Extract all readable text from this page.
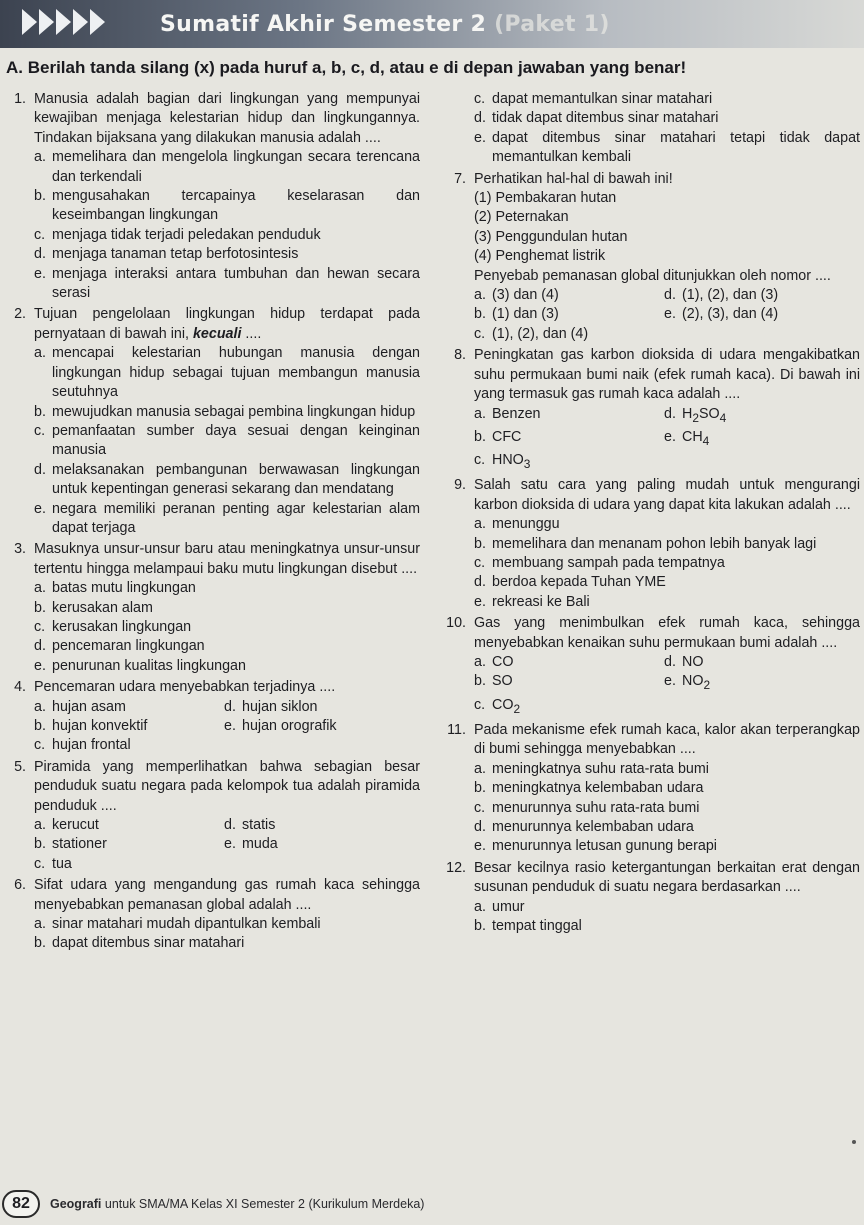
Sumatif Akhir Semester 2 (Paket 1)
A. Berilah tanda silang (x) pada huruf a, b, c, d, atau e di depan jawaban yang benar!
1. Manusia adalah bagian dari lingkungan yang mempunyai kewajiban menjaga kelestarian hidup dan lingkungannya. Tindakan bijaksana yang dilakukan manusia adalah ....
a. memelihara dan mengelola lingkungan secara terencana dan terkendali
b. mengusahakan tercapainya keselarasan dan keseimbangan lingkungan
c. menjaga tidak terjadi peledakan penduduk
d. menjaga tanaman tetap berfotosintesis
e. menjaga interaksi antara tumbuhan dan hewan secara serasi
2. Tujuan pengelolaan lingkungan hidup terdapat pada pernyataan di bawah ini, kecuali ....
a. mencapai kelestarian hubungan manusia dengan lingkungan hidup sebagai tujuan membangun manusia seutuhnya
b. mewujudkan manusia sebagai pembina lingkungan hidup
c. pemanfaatan sumber daya sesuai dengan keinginan manusia
d. melaksanakan pembangunan berwawasan lingkungan untuk kepentingan generasi sekarang dan mendatang
e. negara memiliki peranan penting agar kelestarian alam dapat terjaga
3. Masuknya unsur-unsur baru atau meningkatnya unsur-unsur tertentu hingga melampaui baku mutu lingkungan disebut ....
a. batas mutu lingkungan
b. kerusakan alam
c. kerusakan lingkungan
d. pencemaran lingkungan
e. penurunan kualitas lingkungan
4. Pencemaran udara menyebabkan terjadinya ....
a. hujan asam	d. hujan siklon
b. hujan konvektif	e. hujan orografik
c. hujan frontal
5. Piramida yang memperlihatkan bahwa sebagian besar penduduk suatu negara pada kelompok tua adalah piramida penduduk ....
a. kerucut	d. statis
b. stationer	e. muda
c. tua
6. Sifat udara yang mengandung gas rumah kaca sehingga menyebabkan pemanasan global adalah ....
a. sinar matahari mudah dipantulkan kembali
b. dapat ditembus sinar matahari
c. dapat memantulkan sinar matahari
d. tidak dapat ditembus sinar matahari
e. dapat ditembus sinar matahari tetapi tidak dapat memantulkan kembali
7. Perhatikan hal-hal di bawah ini!
(1) Pembakaran hutan
(2) Peternakan
(3) Penggundulan hutan
(4) Penghemat listrik
Penyebab pemanasan global ditunjukkan oleh nomor ....
a. (3) dan (4)	d. (1), (2), dan (3)
b. (1) dan (3)	e. (2), (3), dan (4)
c. (1), (2), dan (4)
8. Peningkatan gas karbon dioksida di udara mengakibatkan suhu permukaan bumi naik (efek rumah kaca). Di bawah ini yang termasuk gas rumah kaca adalah ....
a. Benzen	d. $H_2SO_4$
b. CFC	e. $CH_4$
c. $HNO_3$
9. Salah satu cara yang paling mudah untuk mengurangi karbon dioksida di udara yang dapat kita lakukan adalah ....
a. menunggu
b. memelihara dan menanam pohon lebih banyak lagi
c. membuang sampah pada tempatnya
d. berdoa kepada Tuhan YME
e. rekreasi ke Bali
10. Gas yang menimbulkan efek rumah kaca, sehingga menyebabkan kenaikan suhu permukaan bumi adalah ....
a. CO	d. NO
b. SO	e. $NO_2$
c. $CO_2$
11. Pada mekanisme efek rumah kaca, kalor akan terperangkap di bumi sehingga menyebabkan ....
a. meningkatnya suhu rata-rata bumi
b. meningkatnya kelembaban udara
c. menurunnya suhu rata-rata bumi
d. menurunnya kelembaban udara
e. menurunnya letusan gunung berapi
12. Besar kecilnya rasio ketergantungan berkaitan erat dengan susunan penduduk di suatu negara berdasarkan ....
a. umur
b. tempat tinggal
82	Geografi untuk SMA/MA Kelas XI Semester 2 (Kurikulum Merdeka)
